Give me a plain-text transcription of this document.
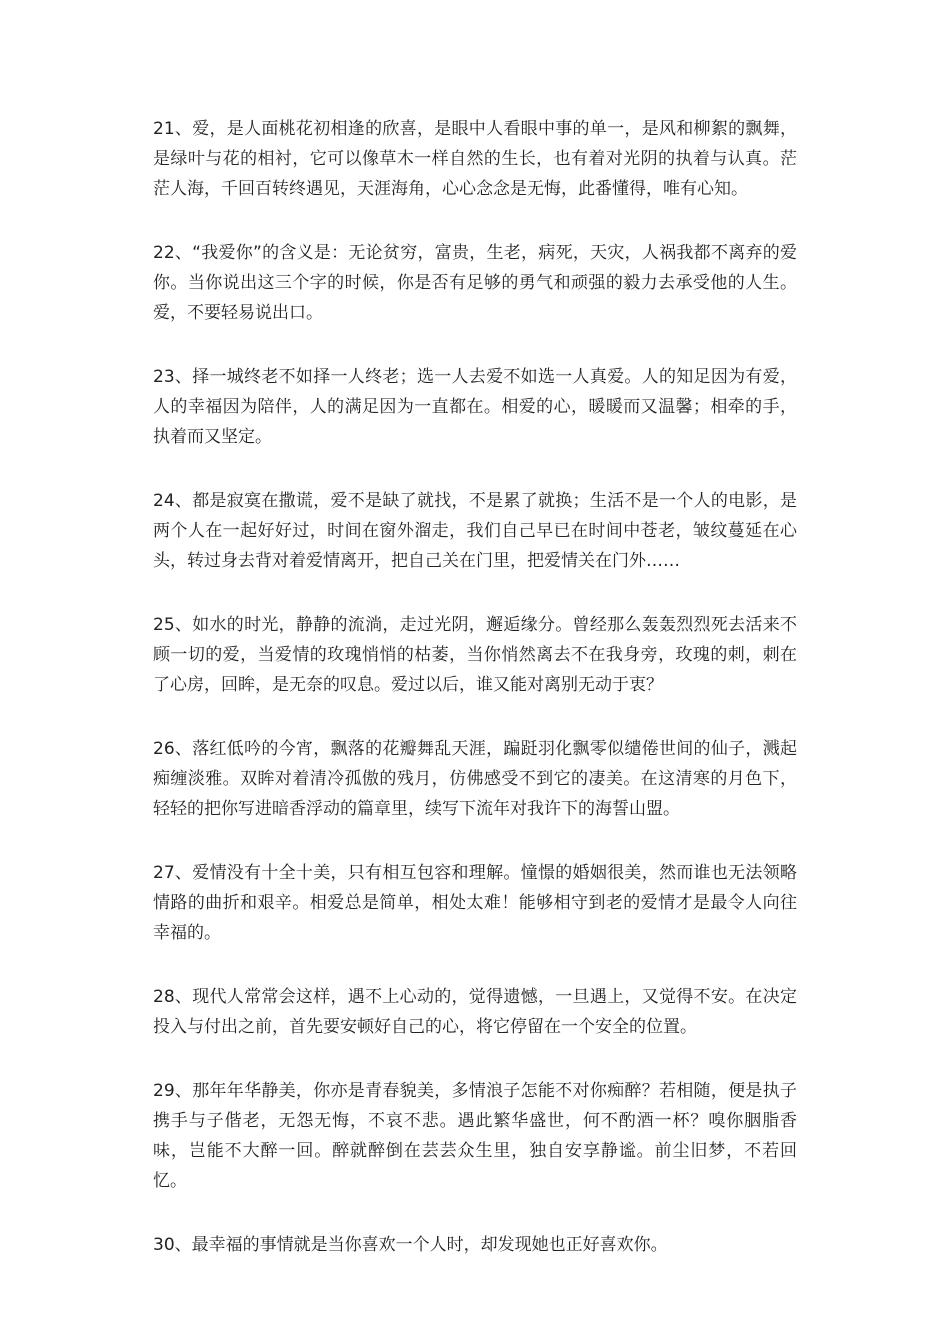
21、爱，是人面桃花初相逢的欣喜，是眼中人看眼中事的单一，是风和柳絮的飘舞，是绿叶与花的相衬，它可以像草木一样自然的生长，也有着对光阴的执着与认真。茫茫人海，千回百转终遇见，天涯海角，心心念念是无悔，此番懂得，唯有心知。

22、“我爱你”的含义是：无论贫穷，富贵，生老，病死，天灾，人祸我都不离弃的爱你。当你说出这三个字的时候，你是否有足够的勇气和顽强的毅力去承受他的人生。爱，不要轻易说出口。

23、择一城终老不如择一人终老；选一人去爱不如选一人真爱。人的知足因为有爱，人的幸福因为陪伴，人的满足因为一直都在。相爱的心，暖暖而又温馨；相牵的手，执着而又坚定。

24、都是寂寞在撒谎，爱不是缺了就找，不是累了就换；生活不是一个人的电影，是两个人在一起好好过，时间在窗外溜走，我们自己早已在时间中苍老，皱纹蔓延在心头，转过身去背对着爱情离开，把自己关在门里，把爱情关在门外……

25、如水的时光，静静的流淌，走过光阴，邂逅缘分。曾经那么轰轰烈烈死去活来不顾一切的爱，当爱情的玫瑰悄悄的枯萎，当你悄然离去不在我身旁，玫瑰的刺，刺在了心房，回眸，是无奈的叹息。爱过以后，谁又能对离别无动于衷？

26、落红低吟的今宵，飘落的花瓣舞乱天涯，蹁跹羽化飘零似缱倦世间的仙子，溅起痴缠淡雅。双眸对着清冷孤傲的残月，仿佛感受不到它的凄美。在这清寒的月色下，轻轻的把你写进暗香浮动的篇章里，续写下流年对我许下的海誓山盟。

27、爱情没有十全十美，只有相互包容和理解。憧憬的婚姻很美，然而谁也无法领略情路的曲折和艰辛。相爱总是简单，相处太难！能够相守到老的爱情才是最令人向往幸福的。

28、现代人常常会这样，遇不上心动的，觉得遗憾，一旦遇上，又觉得不安。在决定投入与付出之前，首先要安顿好自己的心，将它停留在一个安全的位置。

29、那年年华静美，你亦是青春貌美，多情浪子怎能不对你痴醉？若相随，便是执子携手与子偕老，无怨无悔，不哀不悲。遇此繁华盛世，何不酌酒一杯？嗅你胭脂香味，岂能不大醉一回。醉就醉倒在芸芸众生里，独自安享静谧。前尘旧梦，不若回忆。

30、最幸福的事情就是当你喜欢一个人时，却发现她也正好喜欢你。
